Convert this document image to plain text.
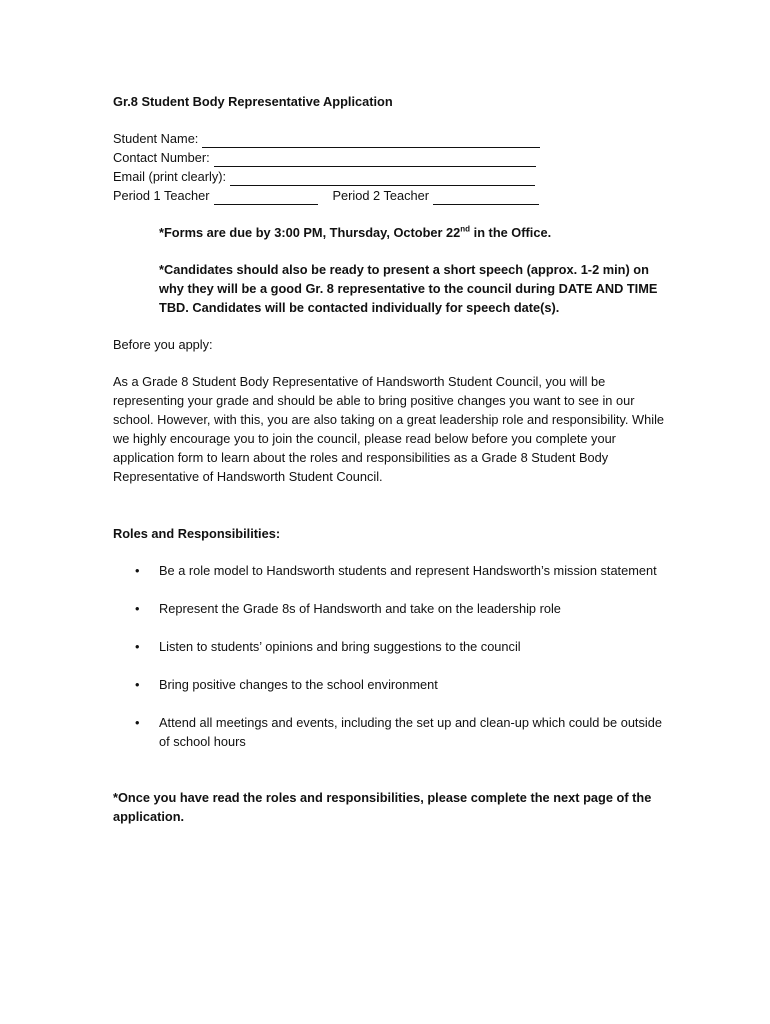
Gr.8 Student Body Representative Application
Student Name:
Contact Number:
Email (print clearly):
Period 1 Teacher	Period 2 Teacher
*Forms are due by 3:00 PM, Thursday, October 22nd in the Office.
*Candidates should also be ready to present a short speech (approx. 1-2 min) on why they will be a good Gr. 8 representative to the council during DATE AND TIME TBD. Candidates will be contacted individually for speech date(s).
Before you apply:
As a Grade 8 Student Body Representative of Handsworth Student Council, you will be representing your grade and should be able to bring positive changes you want to see in our school. However, with this, you are also taking on a great leadership role and responsibility. While we highly encourage you to join the council, please read below before you complete your application form to learn about the roles and responsibilities as a Grade 8 Student Body Representative of Handsworth Student Council.
Roles and Responsibilities:
• Be a role model to Handsworth students and represent Handsworth’s mission statement
• Represent the Grade 8s of Handsworth and take on the leadership role
• Listen to students’ opinions and bring suggestions to the council
• Bring positive changes to the school environment
• Attend all meetings and events, including the set up and clean-up which could be outside of school hours
*Once you have read the roles and responsibilities, please complete the next page of the application.
